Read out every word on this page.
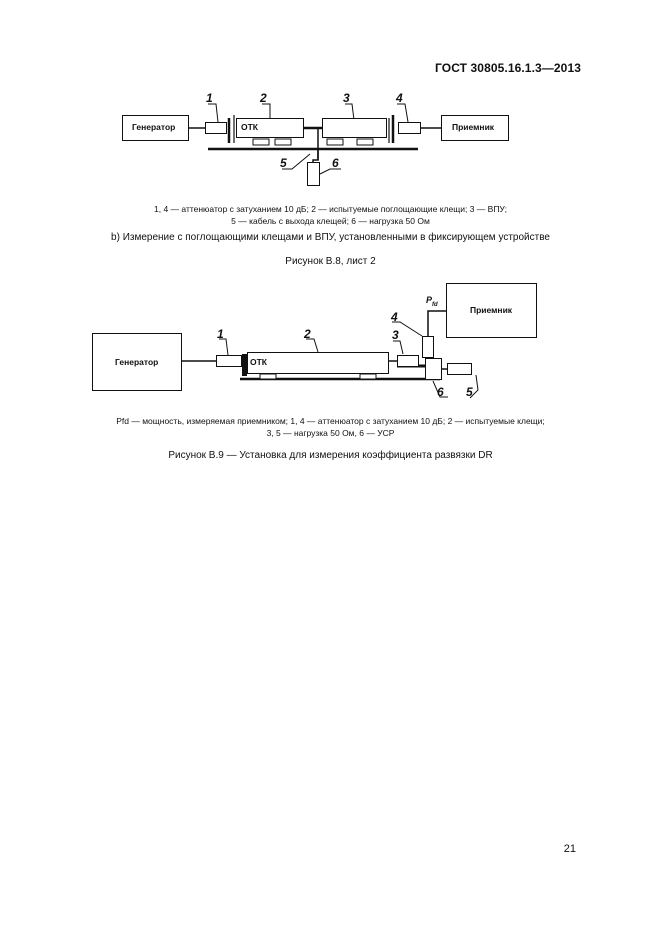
ГОСТ 30805.16.1.3—2013
Генератор	ОТК	Приемник
1	2	3	4
5	6
1, 4 — аттенюатор с затуханием 10 дБ; 2 — испытуемые поглощающие клещи; 3 — ВПУ;
5 — кабель с выхода клещей; 6 — нагрузка 50 Ом
b) Измерение с поглощающими клещами и ВПУ, установленными в фиксирующем устройстве
Рисунок В.8, лист 2
Генератор	ОТК
Приемник
$P_{fd}$
1	2
4
3
6 5
Pfd — мощность, измеряемая приемником; 1, 4 — аттенюатор с затуханием 10 дБ; 2 — испытуемые клещи;
3, 5 — нагрузка 50 Ом, 6 — УСР
Рисунок В.9 — Установка для измерения коэффициента развязки DR
21
